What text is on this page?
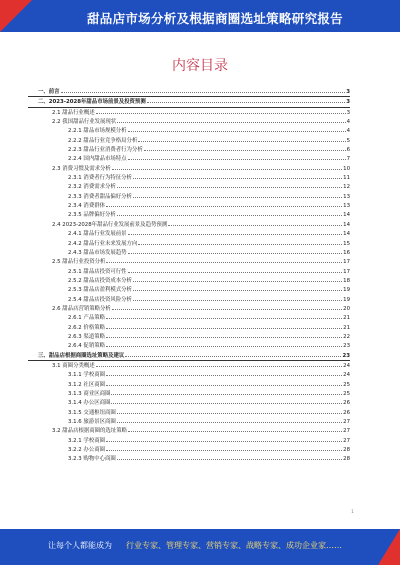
甜品店市场分析及根据商圈选址策略研究报告
内容目录
一、前言	3
二、2023-2028年甜品市场前景及投资预测	3
2.1 甜品行业概述	3
2.2 我国甜品行业发展现状	4
2.2.1 甜品市场规模分析	4
2.2.2 甜品行业竞争格局分析	5
2.2.3 甜品行业消费者行为分析	6
2.2.4 国内甜品市场特点	7
2.3 消费习惯及需求分析	10
2.3.1 消费者行为特征分析	11
2.3.2 消费需求分析	12
2.3.3 消费者甜品偏好分析	13
2.3.4 消费群体	13
2.3.5 品牌偏好分析	14
2.4 2023-2028年甜品行业发展前景及趋势预测	14
2.4.1 甜品行业发展前景	14
2.4.2 甜品行业未来发展方向	15
2.4.3 甜品市场发展趋势	16
2.5 甜品行业投资分析	17
2.5.1 甜品店投资可行性	17
2.5.2 甜品店投资成本分析	18
2.5.3 甜品店盈利模式分析	19
2.5.4 甜品店投资风险分析	19
2.6 甜品店营销策略分析	20
2.6.1 产品策略	21
2.6.2 价格策略	21
2.6.3 渠道策略	22
2.6.4 促销策略	23
三、甜品店根据商圈选址策略及建议	23
3.1 商圈分类概述	24
3.1.1 学校商圈	24
3.1.2 社区商圈	25
3.1.3 商业区商圈	25
3.1.4 办公区商圈	26
3.1.5 交通枢纽商圈	26
3.1.6 旅游景区商圈	27
3.2 甜品店根据商圈的选址策略	27
3.2.1 学校商圈	27
3.2.2 办公商圈	28
3.2.3 购物中心商圈	28
1
让每个人都能成为 行业专家、管理专家、营销专家、战略专家、成功企业家……
